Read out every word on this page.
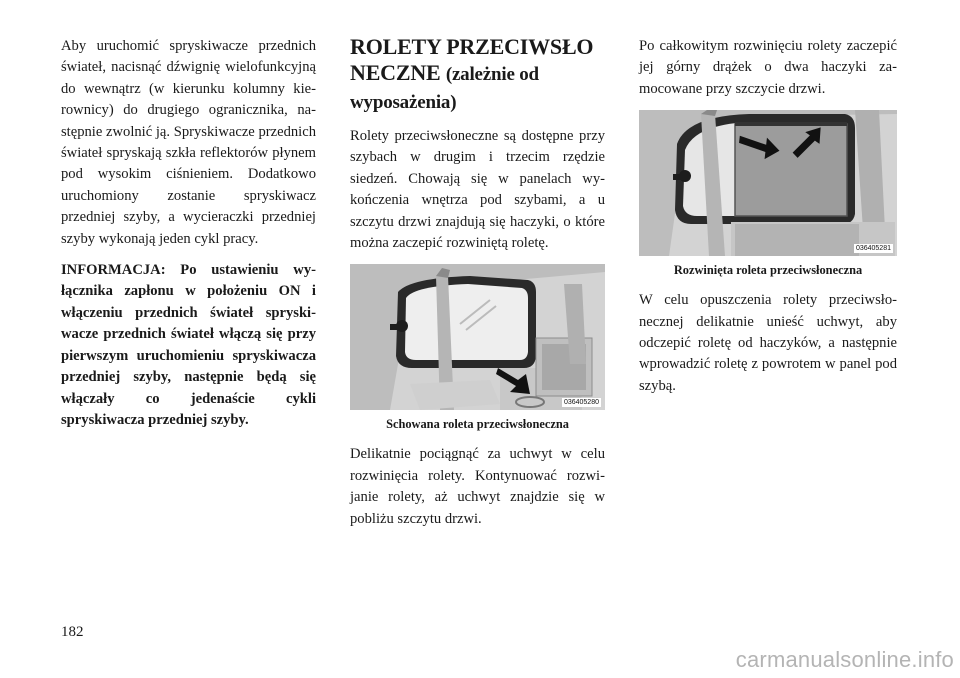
Aby uruchomić spryskiwacze przednich świateł, nacisnąć dźwignię wielofunkcyjną do wewnątrz (w kierunku kolumny kierownicy) do drugiego ogranicznika, następnie zwolnić ją. Spryskiwacze przednich świateł spryskają szkła reflektorów płynem pod wysokim ciśnieniem. Dodatkowo uruchomiony zostanie spryskiwacz przedniej szyby, a wycieraczki przedniej szyby wykonają jeden cykl pracy.

INFORMACJA: Po ustawieniu wyłącznika zapłonu w położeniu ON i włączeniu przednich świateł spryskiwacze przednich świateł włączą się przy pierwszym uruchomieniu spryskiwacza przedniej szyby, następnie będą się włączały co jedenaście cykli spryskiwacza przedniej szyby.

ROLETY PRZECIWSŁO
NECZNE (zależnie od wyposażenia)

Rolety przeciwsłoneczne są dostępne przy szybach w drugim i trzecim rzędzie siedzeń. Chowają się w panelach wykończenia wnętrza pod szybami, a u szczytu drzwi znajdują się haczyki, o które można zaczepić rozwiniętą roletę.

036405280
Schowana roleta przeciwsłoneczna

Delikatnie pociągnąć za uchwyt w celu rozwinięcia rolety. Kontynuować rozwijanie rolety, aż uchwyt znajdzie się w pobliżu szczytu drzwi.

Po całkowitym rozwinięciu rolety zaczepić jej górny drążek o dwa haczyki zamocowane przy szczycie drzwi.

036405281
Rozwinięta roleta przeciwsłoneczna

W celu opuszczenia rolety przeciwsłonecznej delikatnie unieść uchwyt, aby odczepić roletę od haczyków, a następnie wprowadzić roletę z powrotem w panel pod szybą.

182
carmanualsonline.info
